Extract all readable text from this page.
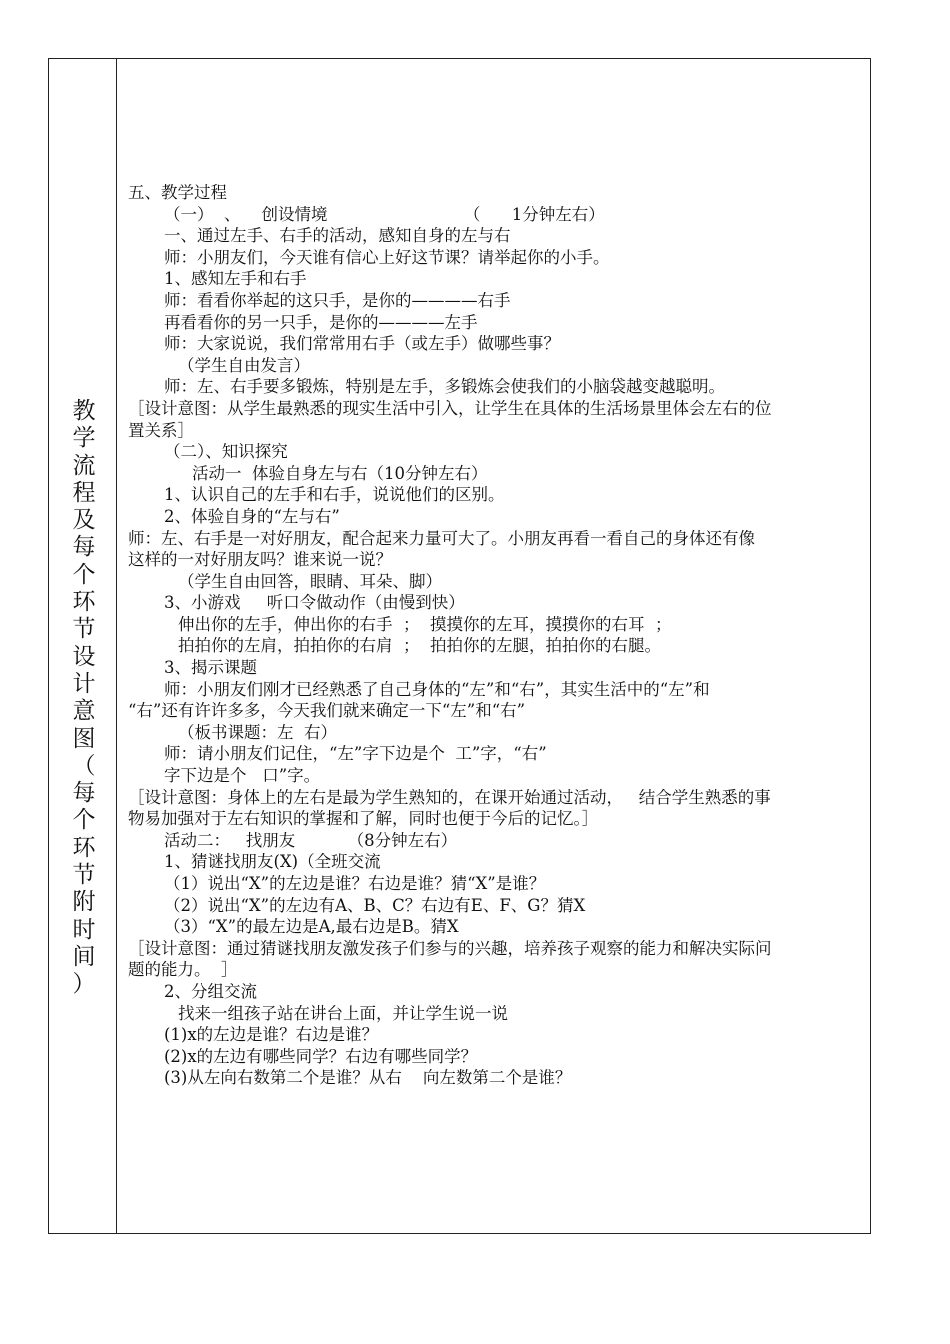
教
学
流
程
及
每
个
环
节
设
计
意
图
（
每
个
环
节
附
时
间
）
五、教学过程
（一）  、    创设情境                          （      1分钟左右）
一、通过左手、右手的活动，感知自身的左与右
师：小朋友们，今天谁有信心上好这节课？请举起你的小手。
1、感知左手和右手
师：看看你举起的这只手，是你的————右手
再看看你的另一只手，是你的————左手
师：大家说说，我们常常用右手（或左手）做哪些事？
（学生自由发言）
师：左、右手要多锻炼，特别是左手，多锻炼会使我们的小脑袋越变越聪明。
［设计意图：从学生最熟悉的现实生活中引入，让学生在具体的生活场景里体会左右的位
置关系］
（二）、知识探究
活动一  体验自身左与右（10分钟左右）
1、认识自己的左手和右手，说说他们的区别。
2、体验自身的“左与右”
师：左、右手是一对好朋友，配合起来力量可大了。小朋友再看一看自己的身体还有像
这样的一对好朋友吗？谁来说一说？
（学生自由回答，眼睛、耳朵、脚）
3、小游戏     听口令做动作（由慢到快）
伸出你的左手，伸出你的右手  ；  摸摸你的左耳，摸摸你的右耳  ；
拍拍你的左肩，拍拍你的右肩  ；  拍拍你的左腿，拍拍你的右腿。
3、揭示课题
师：小朋友们刚才已经熟悉了自己身体的“左”和“右”，其实生活中的“左”和
“右”还有许许多多，今天我们就来确定一下“左”和“右”
（板书课题：左  右）
师：请小朋友们记住，“左”字下边是个  工”字，“右”
字下边是个   口”字。
［设计意图：身体上的左右是最为学生熟知的，在课开始通过活动，   结合学生熟悉的事
物易加强对于左右知识的掌握和了解，同时也便于今后的记忆。］
活动二：   找朋友          （8分钟左右）
1、猜谜找朋友(X)（全班交流
（1）说出“X”的左边是谁？右边是谁？猜“X”是谁？
（2）说出“X”的左边有A、B、C？右边有E、F、G？猜X
（3）“X”的最左边是A,最右边是B。猜X
［设计意图：通过猜谜找朋友激发孩子们参与的兴趣，培养孩子观察的能力和解决实际问
题的能力。  ］
2、分组交流
找来一组孩子站在讲台上面，并让学生说一说
(1)x的左边是谁？右边是谁？
(2)x的左边有哪些同学？右边有哪些同学？
(3)从左向右数第二个是谁？从右    向左数第二个是谁？
